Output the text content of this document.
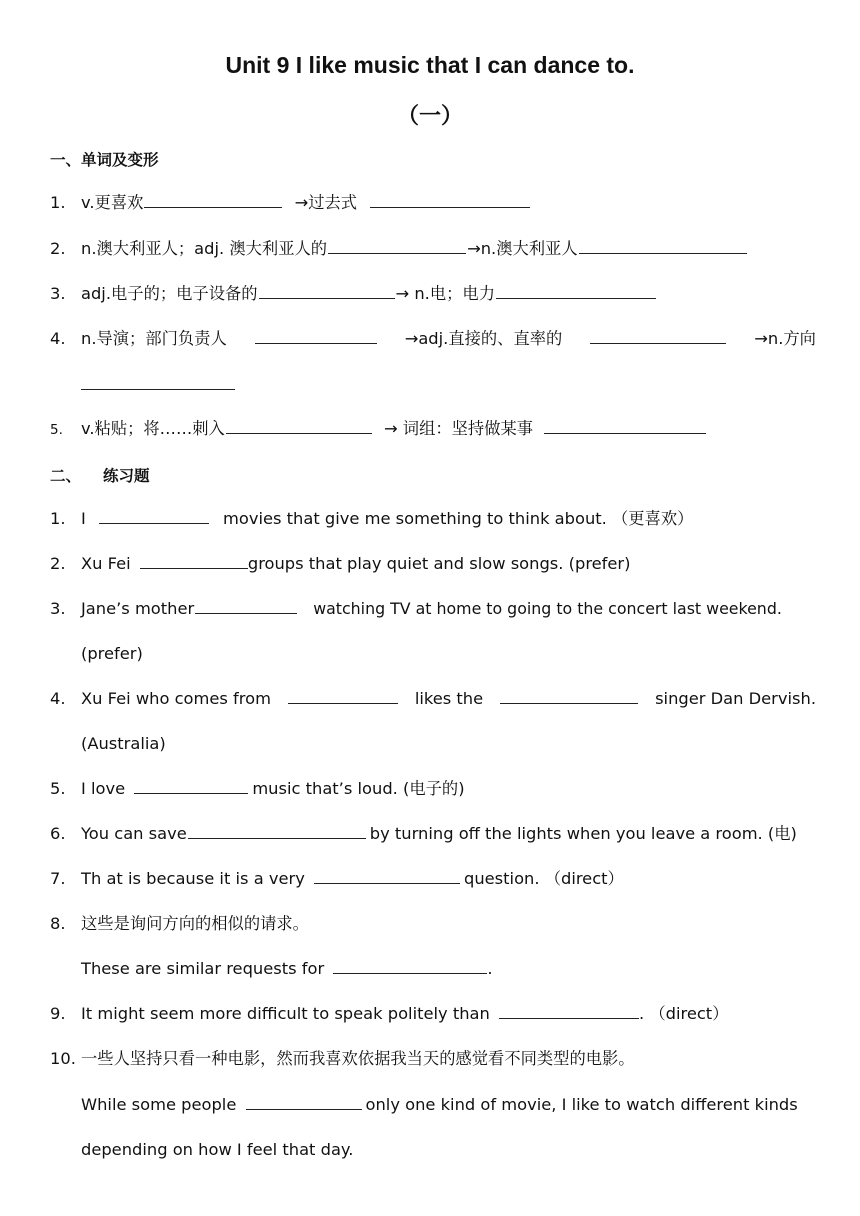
Unit 9 I like music that I can dance to.
（一）
一、单词及变形
1. v.更喜欢	→过去式
2. n.澳大利亚人；adj. 澳大利亚人的	→n.澳大利亚人
3. adj.电子的；电子设备的	→ n.电；电力
4. n.导演；部门负责人	→adj.直接的、直率的	→n.方向
5. v.粘贴；将……刺入	→ 词组：坚持做某事
二、 练习题
1. I	movies that give me something to think about. （更喜欢）
2. Xu Fei	groups that play quiet and slow songs. (prefer)
3. Jane’s mother	watching TV at home to going to the concert last weekend.
(prefer)
4. Xu Fei who comes from	likes the	singer Dan Dervish.
(Australia)
5. I love	music that’s loud. (电子的)
6. You can save	by turning off the lights when you leave a room. (电)
7. Th at is because it is a very	question. （direct）
8. 这些是询问方向的相似的请求。
These are similar requests for	.
9. It might seem more difficult to speak politely than	. （direct）
10. 一些人坚持只看一种电影，然而我喜欢依据我当天的感觉看不同类型的电影。
While some people	only one kind of movie, I like to watch different kinds
depending on how I feel that day.
